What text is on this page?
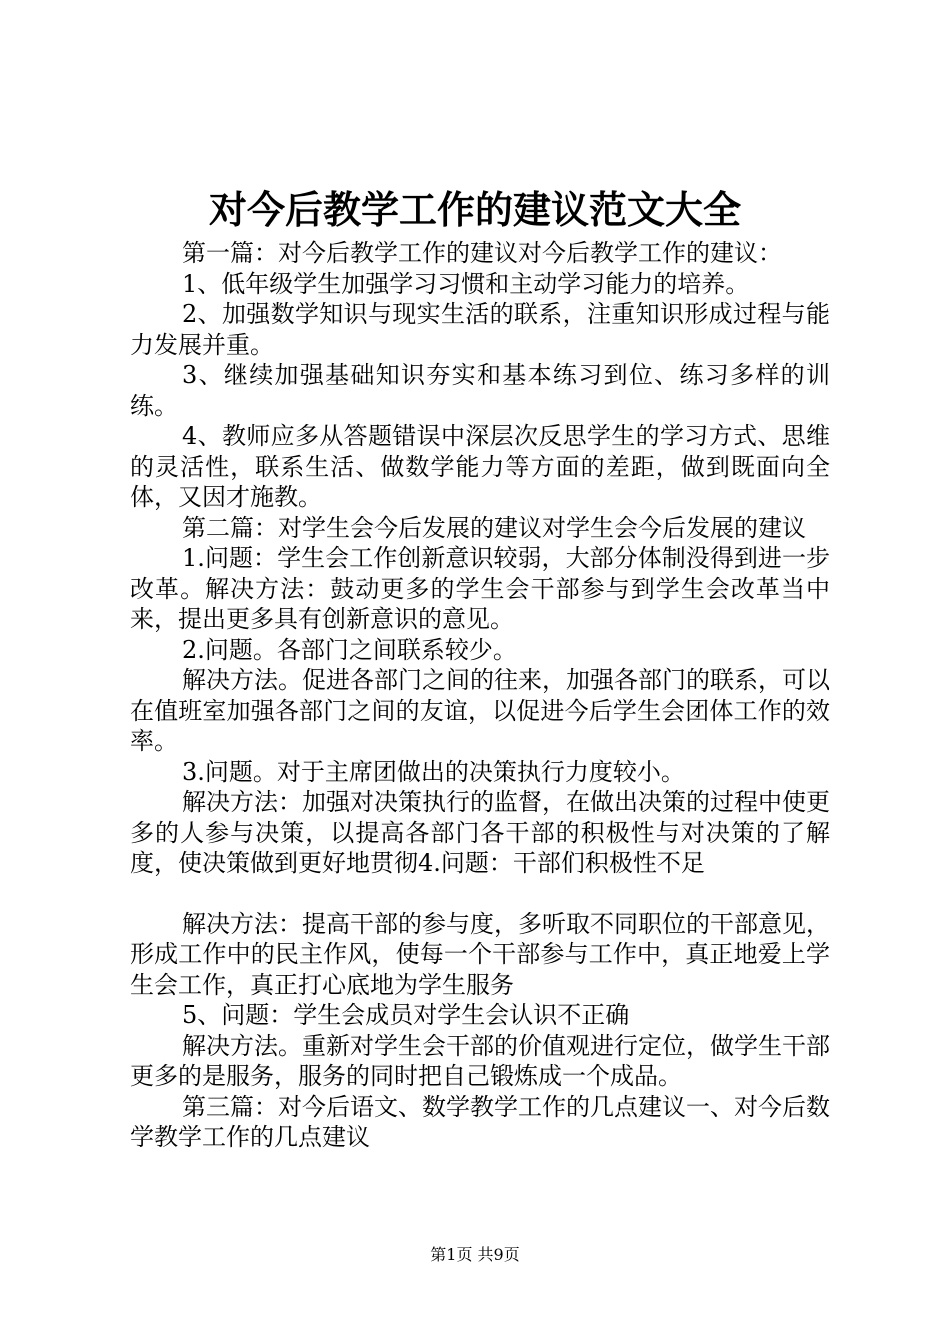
对今后教学工作的建议范文大全

第一篇：对今后教学工作的建议对今后教学工作的建议：

1、低年级学生加强学习习惯和主动学习能力的培养。

2、加强数学知识与现实生活的联系，注重知识形成过程与能力发展并重。

3、继续加强基础知识夯实和基本练习到位、练习多样的训练。

4、教师应多从答题错误中深层次反思学生的学习方式、思维的灵活性，联系生活、做数学能力等方面的差距，做到既面向全体，又因才施教。

第二篇：对学生会今后发展的建议对学生会今后发展的建议

1.问题：学生会工作创新意识较弱，大部分体制没得到进一步改革。解决方法：鼓动更多的学生会干部参与到学生会改革当中来，提出更多具有创新意识的意见。

2.问题。各部门之间联系较少。

解决方法。促进各部门之间的往来，加强各部门的联系，可以在值班室加强各部门之间的友谊，以促进今后学生会团体工作的效率。

3.问题。对于主席团做出的决策执行力度较小。

解决方法：加强对决策执行的监督，在做出决策的过程中使更多的人参与决策，以提高各部门各干部的积极性与对决策的了解度，使决策做到更好地贯彻4.问题：干部们积极性不足

解决方法：提高干部的参与度，多听取不同职位的干部意见，形成工作中的民主作风，使每一个干部参与工作中，真正地爱上学生会工作，真正打心底地为学生服务

5、问题：学生会成员对学生会认识不正确

解决方法。重新对学生会干部的价值观进行定位，做学生干部更多的是服务，服务的同时把自己锻炼成一个成品。

第三篇：对今后语文、数学教学工作的几点建议一、对今后数学教学工作的几点建议

第1页 共9页
